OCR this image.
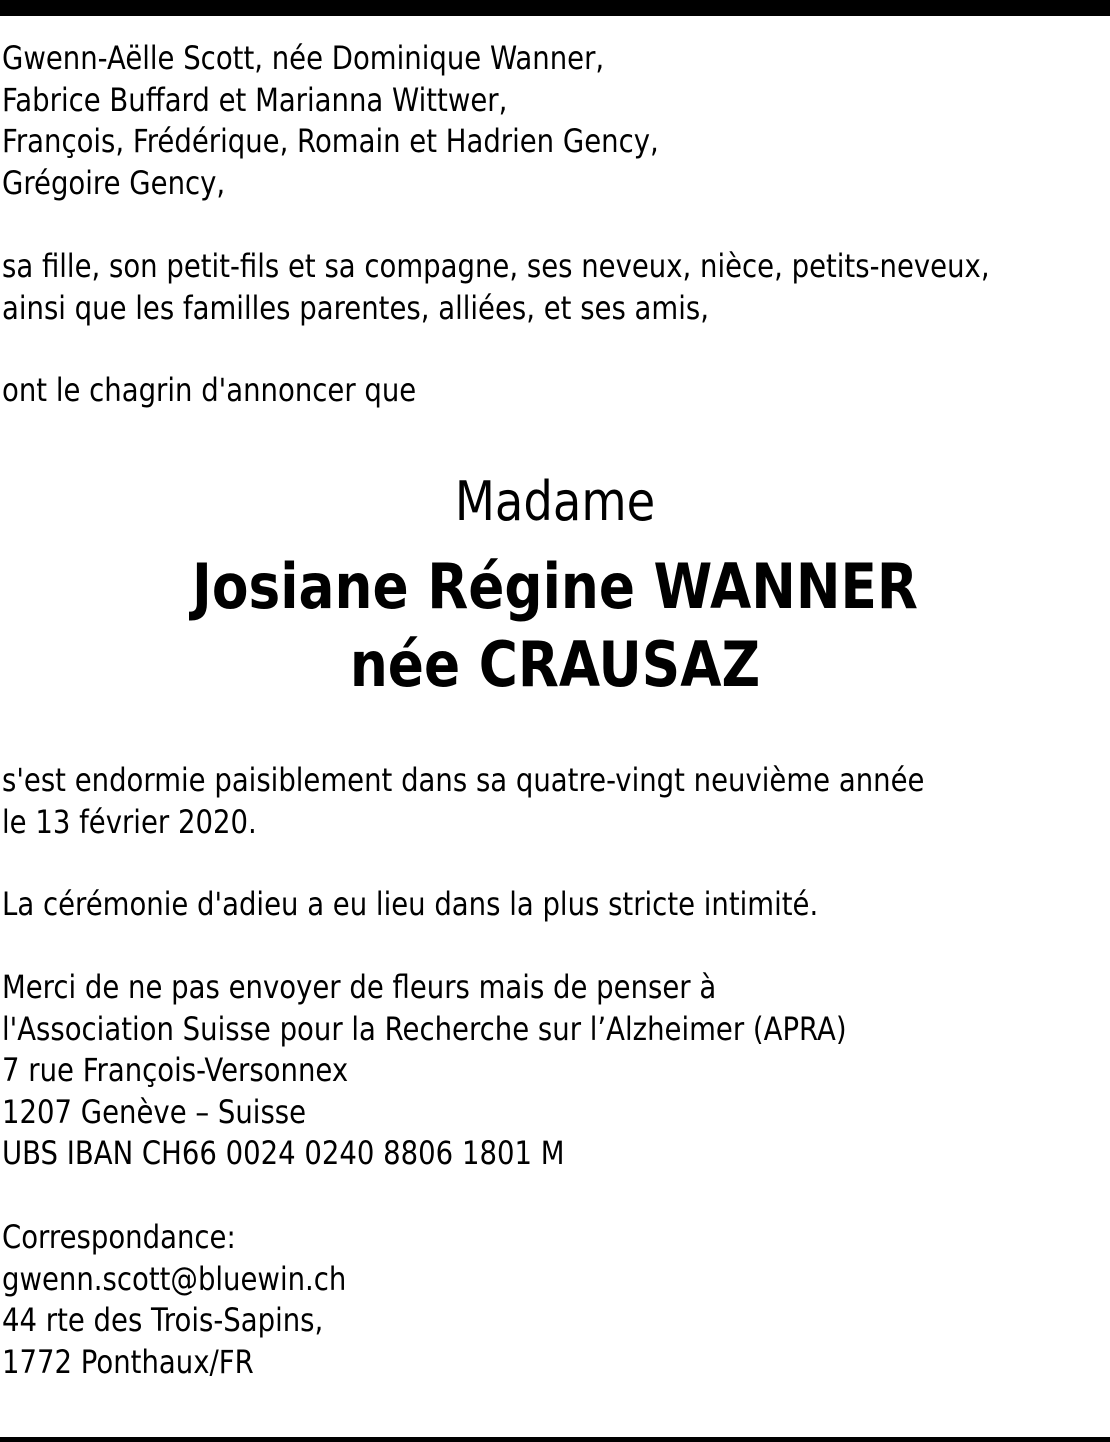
Gwenn-Aëlle Scott, née Dominique Wanner,
Fabrice Buffard et Marianna Wittwer,
François, Frédérique, Romain et Hadrien Gency,
Grégoire Gency,
sa fille, son petit-fils et sa compagne, ses neveux, nièce, petits-neveux,
ainsi que les familles parentes, alliées, et ses amis,
ont le chagrin d'annoncer que
Madame
Josiane Régine WANNER
née CRAUSAZ
s'est endormie paisiblement dans sa quatre-vingt neuvième année
le 13 février 2020.
La cérémonie d'adieu a eu lieu dans la plus stricte intimité.
Merci de ne pas envoyer de fleurs mais de penser à
l'Association Suisse pour la Recherche sur l’Alzheimer (APRA)
7 rue François-Versonnex
1207 Genève – Suisse
UBS IBAN CH66 0024 0240 8806 1801 M
Correspondance:
gwenn.scott@bluewin.ch
44 rte des Trois-Sapins,
1772 Ponthaux/FR
